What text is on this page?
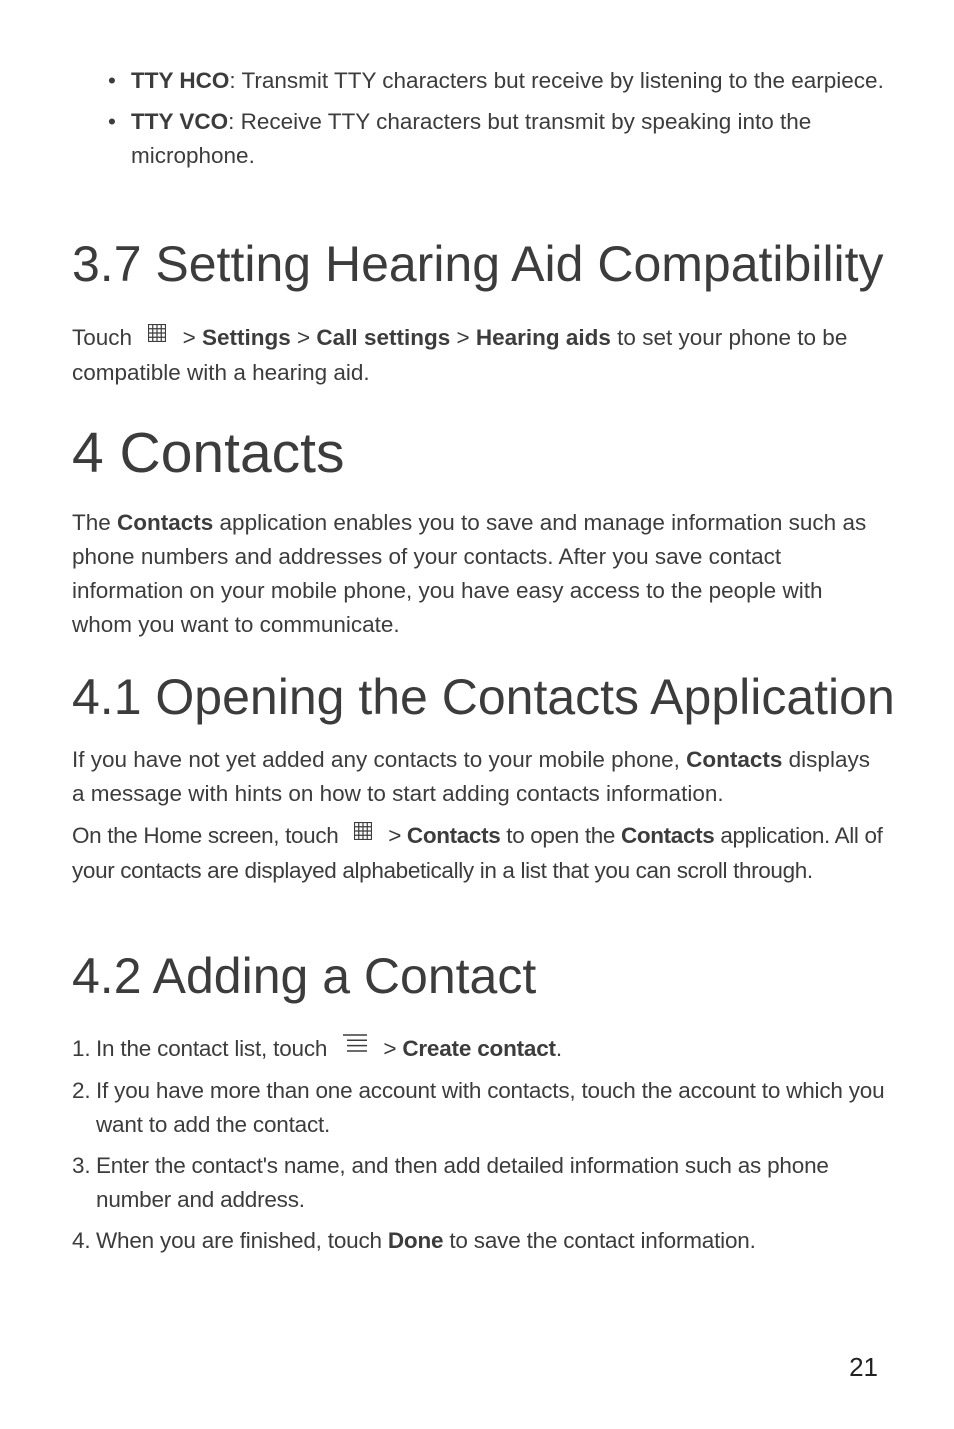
• TTY HCO: Transmit TTY characters but receive by listening to the earpiece.
• TTY VCO: Receive TTY characters but transmit by speaking into the microphone.
3.7 Setting Hearing Aid Compatibility

Touch > Settings > Call settings > Hearing aids to set your phone to be compatible with a hearing aid.

4 Contacts

The Contacts application enables you to save and manage information such as phone numbers and addresses of your contacts. After you save contact information on your mobile phone, you have easy access to the people with whom you want to communicate.

4.1 Opening the Contacts Application

If you have not yet added any contacts to your mobile phone, Contacts displays a message with hints on how to start adding contacts information.

On the Home screen, touch > Contacts to open the Contacts application. All of your contacts are displayed alphabetically in a list that you can scroll through.

4.2 Adding a Contact
1. In the contact list, touch > Create contact.
2. If you have more than one account with contacts, touch the account to which you want to add the contact.
3. Enter the contact's name, and then add detailed information such as phone number and address.
4. When you are finished, touch Done to save the contact information.
21
